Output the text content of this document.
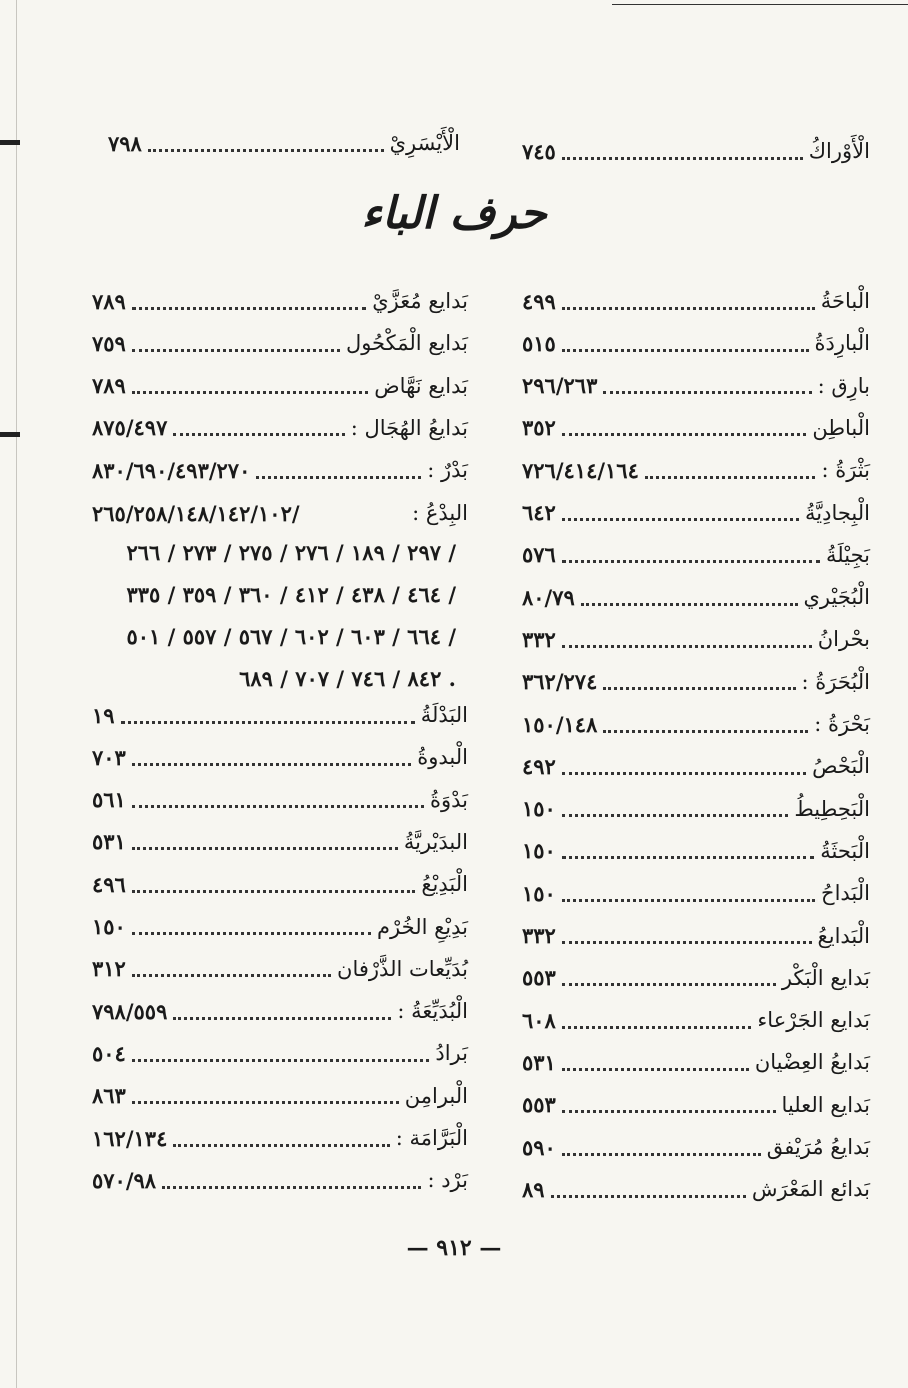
الْأَوْراكُ
٧٤٥
الْأَيْسَرِيْ
٧٩٨
حرف الباء
الْباحَةُ
٤٩٩
الْبارِدَةُ
٥١٥
بارِق :
٢٩٦/٢٦٣
الْباطِن
٣٥٢
بَثْرَةُ :
٧٢٦/٤١٤/١٦٤
الْبِجادِيَّةُ
٦٤٢
بَجِيْلَةُ
٥٧٦
الْبُجَيْري
٨٠/٧٩
بحْرانُ
٣٣٢
الْبُحَرَةُ :
٣٦٢/٢٧٤
بَحْرَةُ :
١٥٠/١٤٨
الْبَحْصُ
٤٩٢
الْبَحِطِيطُ
١٥٠
الْبَحثَةُ
١٥٠
الْبَداحُ
١٥٠
الْبَدايعُ
٣٣٢
بَدايع الْبَكْر
٥٥٣
بَدايع الجَرْعاء
٦٠٨
بَدايعُ العِضْيان
٥٣١
بَدايع العليا
٥٥٣
بَدايعُ مُرَيْفق
٥٩٠
بَدائع المَعْرَش
٨٩
بَدايع مُعَزَّيْ
٧٨٩
بَدايع الْمَكْحُول
٧٥٩
بَدايع نَهَّاض
٧٨٩
بَدايعُ الهُجَال :
٨٧٥/٤٩٧
بَدْرٌ :
٨٣٠/٦٩٠/٤٩٣/٢٧٠
البِدْعُ :
/٢٦٥/٢٥٨/١٤٨/١٤٢/١٠٢
/ ٢٩٧ / ١٨٩ / ٢٧٦ / ٢٧٥ / ٢٧٣ / ٢٦٦
/ ٤٦٤ / ٤٣٨ / ٤١٢ / ٣٦٠ / ٣٥٩ / ٣٣٥
/ ٦٦٤ / ٦٠٣ / ٦٠٢ / ٥٦٧ / ٥٥٧ / ٥٠١
. ٨٤٢ / ٧٤٦ / ٧٠٧ / ٦٨٩
البَدْلَةُ
١٩
الْبدوةُ
٧٠٣
بَدْوَةُ
٥٦١
البدَيْريَّةُ
٥٣١
الْبَدِيْعُ
٤٩٦
بَدِيْعِ الخُرْم
١٥٠
بُدَيِّعات الذَّرْفان
٣١٢
الْبُدَيِّعَةُ :
٧٩٨/٥٥٩
بَرادُ
٥٠٤
الْبرامِن
٨٦٣
الْبَرَّامَة :
١٦٢/١٣٤
بَرْد :
٥٧٠/٩٨
— ٩١٢ —
